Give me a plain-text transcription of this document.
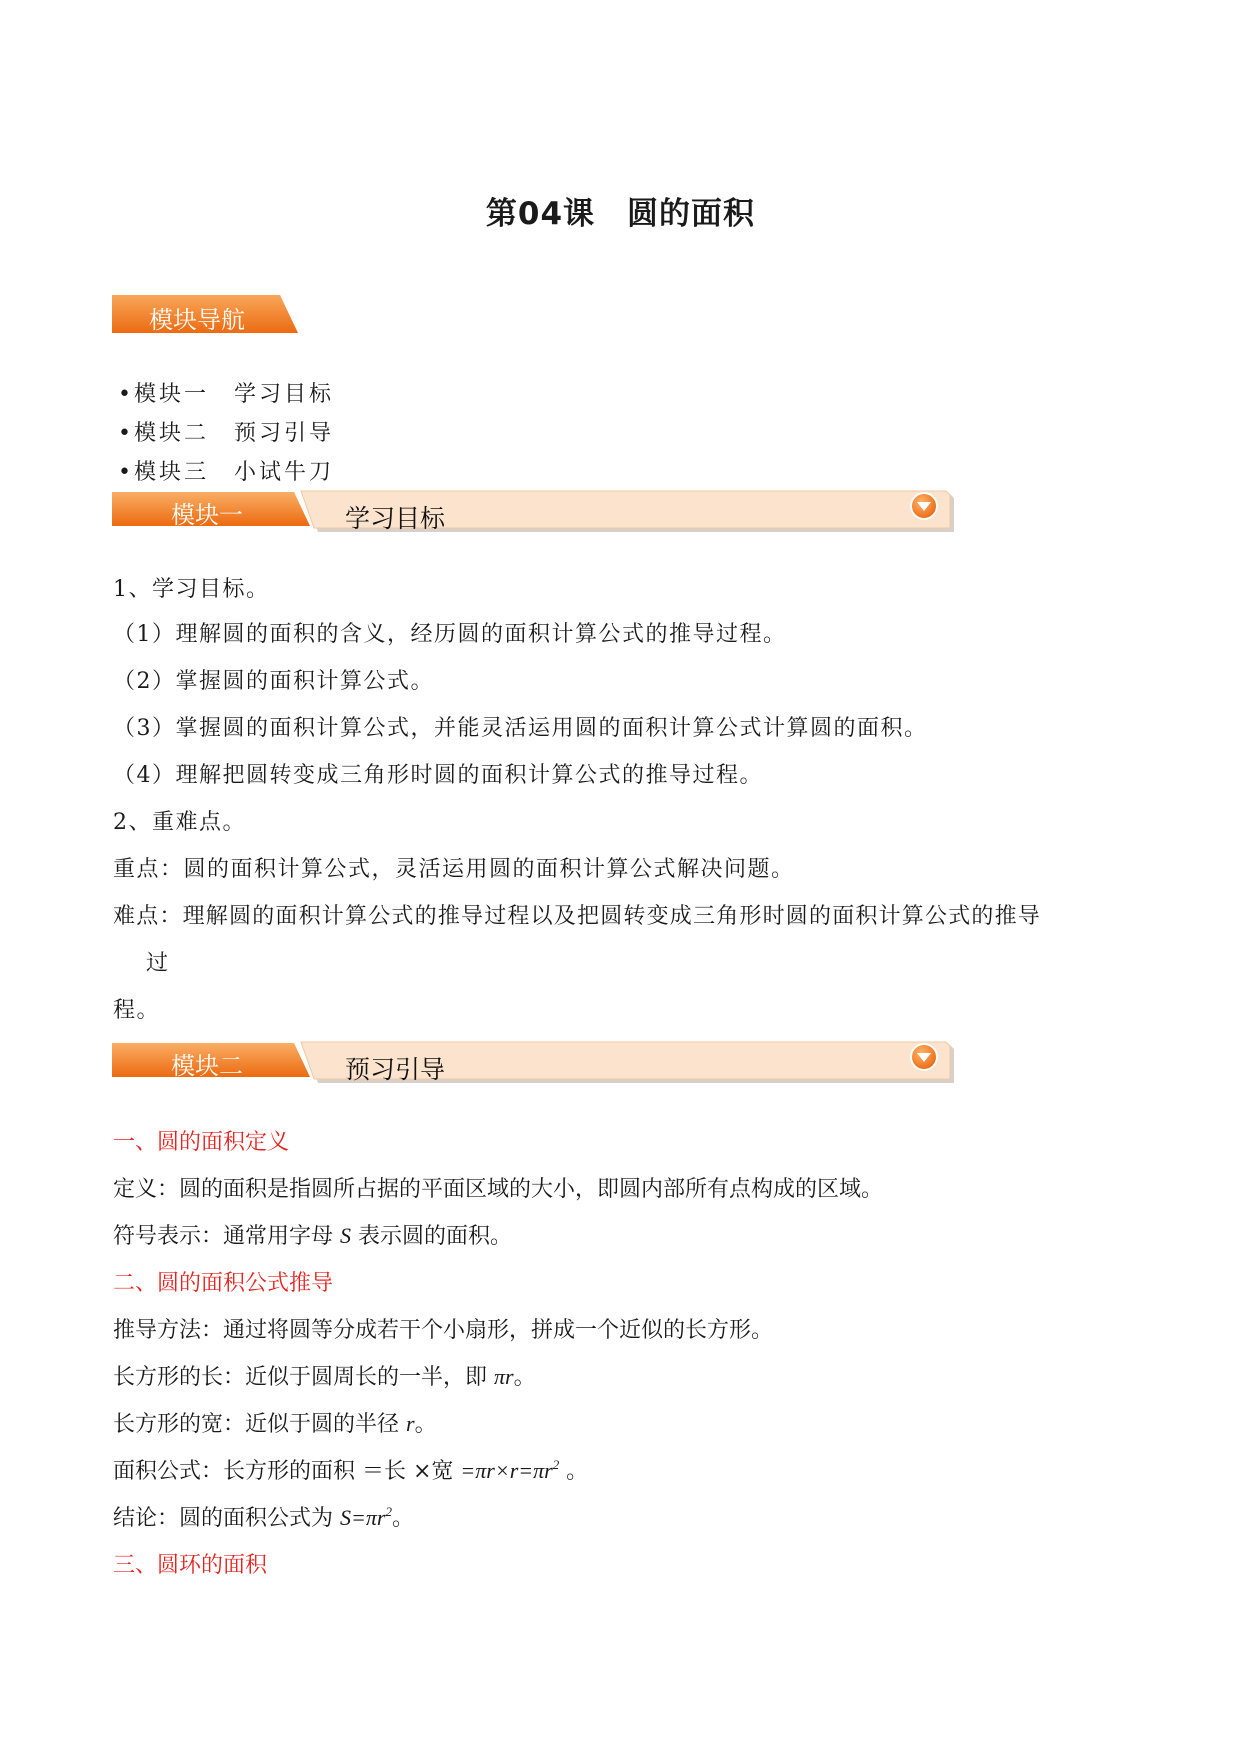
第04课　圆的面积
模块导航
•模块一　学习目标
•模块二　预习引导
•模块三　小试牛刀
模块一	学习目标
1、学习目标。
（1）理解圆的面积的含义，经历圆的面积计算公式的推导过程。
（2）掌握圆的面积计算公式。
（3）掌握圆的面积计算公式，并能灵活运用圆的面积计算公式计算圆的面积。
（4）理解把圆转变成三角形时圆的面积计算公式的推导过程。
2、重难点。
重点：圆的面积计算公式，灵活运用圆的面积计算公式解决问题。
难点：理解圆的面积计算公式的推导过程以及把圆转变成三角形时圆的面积计算公式的推导
过
程。
模块二	预习引导
一、圆的面积定义
定义：圆的面积是指圆所占据的平面区域的大小，即圆内部所有点构成的区域。
符号表示：通常用字母 S 表示圆的面积。
二、圆的面积公式推导
推导方法：通过将圆等分成若干个小扇形，拼成一个近似的长方形。
长方形的长：近似于圆周长的一半，即 πr。
长方形的宽：近似于圆的半径 r。
面积公式：长方形的面积 ＝长 ×宽 $=\pi r\times r=\pi r^2$ 。
结论：圆的面积公式为 $S=\pi r^2$。
三、圆环的面积
